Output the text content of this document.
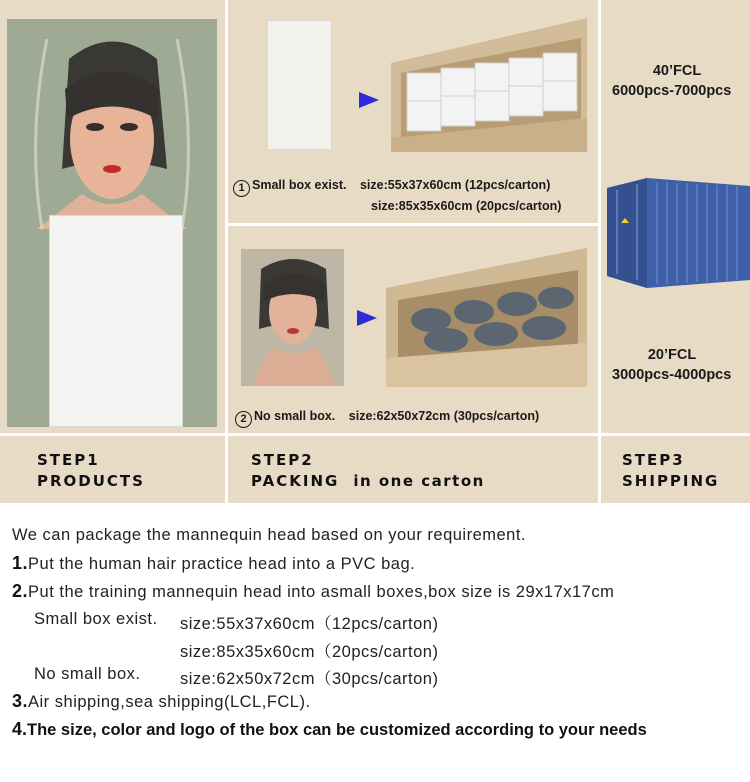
1 Small box exist. size:55x37x60cm (12pcs/carton)
size:85x35x60cm (20pcs/carton)
2 No small box. size:62x50x72cm (30pcs/carton)
40’FCL
6000pcs-7000pcs
20’FCL
3000pcs-4000pcs
STEP1
PRODUCTS
STEP2
PACKING in one carton
STEP3
SHIPPING
We can package the mannequin head based on your requirement.
1.Put the human hair practice head into a PVC bag.
2.Put the training mannequin head into asmall boxes,box size is 29x17x17cm
Small box exist. size:55x37x60cm（12pcs/carton)
size:85x35x60cm（20pcs/carton)
No small box. size:62x50x72cm（30pcs/carton)
3.Air shipping,sea shipping(LCL,FCL).
4.The size, color and logo of the box can be customized according to your needs
